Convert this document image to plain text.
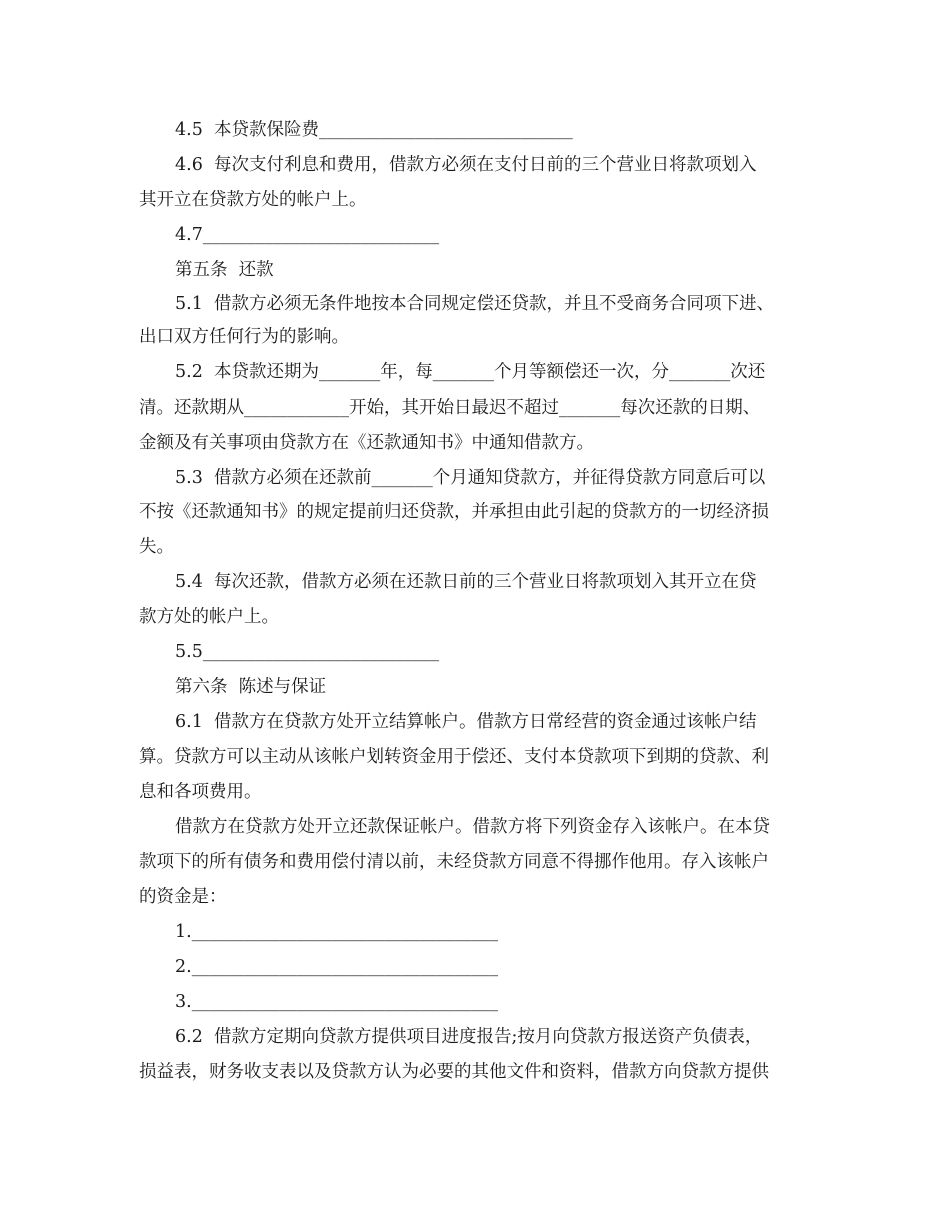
4.5  本贷款保险费_____________________________
4.6  每次支付利息和费用，借款方必须在支付日前的三个营业日将款项划入
其开立在贷款方处的帐户上。
4.7___________________________
第五条  还款
5.1  借款方必须无条件地按本合同规定偿还贷款，并且不受商务合同项下进、
出口双方任何行为的影响。
5.2  本贷款还期为_______年，每_______个月等额偿还一次，分_______次还
清。还款期从____________开始，其开始日最迟不超过_______每次还款的日期、
金额及有关事项由贷款方在《还款通知书》中通知借款方。
5.3  借款方必须在还款前_______个月通知贷款方，并征得贷款方同意后可以
不按《还款通知书》的规定提前归还贷款，并承担由此引起的贷款方的一切经济损
失。
5.4  每次还款，借款方必须在还款日前的三个营业日将款项划入其开立在贷
款方处的帐户上。
5.5___________________________
第六条  陈述与保证
6.1  借款方在贷款方处开立结算帐户。借款方日常经营的资金通过该帐户结
算。贷款方可以主动从该帐户划转资金用于偿还、支付本贷款项下到期的贷款、利
息和各项费用。
借款方在贷款方处开立还款保证帐户。借款方将下列资金存入该帐户。在本贷
款项下的所有债务和费用偿付清以前，未经贷款方同意不得挪作他用。存入该帐户
的资金是：
1.___________________________________
2.___________________________________
3.___________________________________
6.2  借款方定期向贷款方提供项目进度报告;按月向贷款方报送资产负债表，
损益表，财务收支表以及贷款方认为必要的其他文件和资料，借款方向贷款方提供
